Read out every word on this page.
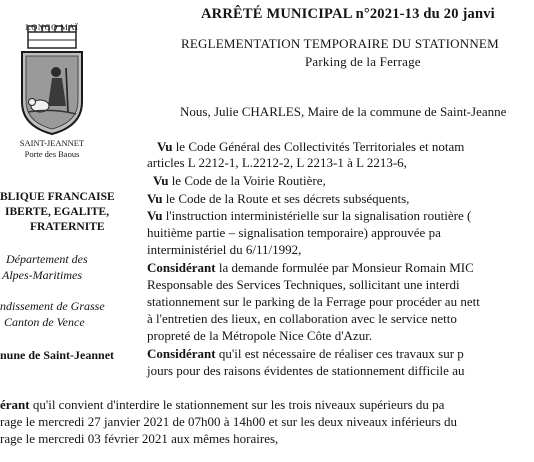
LONGO MAÏ
SAINT-JEANNET
Porte des Baous
ARRÊTÉ MUNICIPAL n°2021-13 du 20 janvi
REGLEMENTATION TEMPORAIRE DU STATIONNEM
Parking de la Ferrage
BLIQUE FRANCAISE
IBERTE, EGALITE,
FRATERNITE
Département des
Alpes-Maritimes
ndissement de Grasse
Canton de Vence
nune de Saint-Jeannet
Nous, Julie CHARLES, Maire de la commune de Saint-Jeanne
Vu le Code Général des Collectivités Territoriales et notam
articles L 2212-1, L.2212-2, L 2213-1 à L 2213-6,
Vu le Code de la Voirie Routière,
Vu le Code de la Route et ses décrets subséquents,
Vu l'instruction interministérielle sur la signalisation routière (
huitième partie – signalisation temporaire) approuvée pa
interministériel du 6/11/1992,
Considérant la demande formulée par Monsieur Romain MIC
Responsable des Services Techniques, sollicitant une interdi
stationnement sur le parking de la Ferrage pour procéder au nett
à l'entretien des lieux, en collaboration avec le service netto
propreté de la Métropole Nice Côte d'Azur.
Considérant qu'il est nécessaire de réaliser ces travaux sur p
jours pour des raisons évidentes de stationnement difficile au
érant qu'il convient d'interdire le stationnement sur les trois niveaux supérieurs du pa
rage le mercredi 27 janvier 2021 de 07h00 à 14h00 et sur les deux niveaux inférieurs du
rage le mercredi 03 février 2021 aux mêmes horaires,
